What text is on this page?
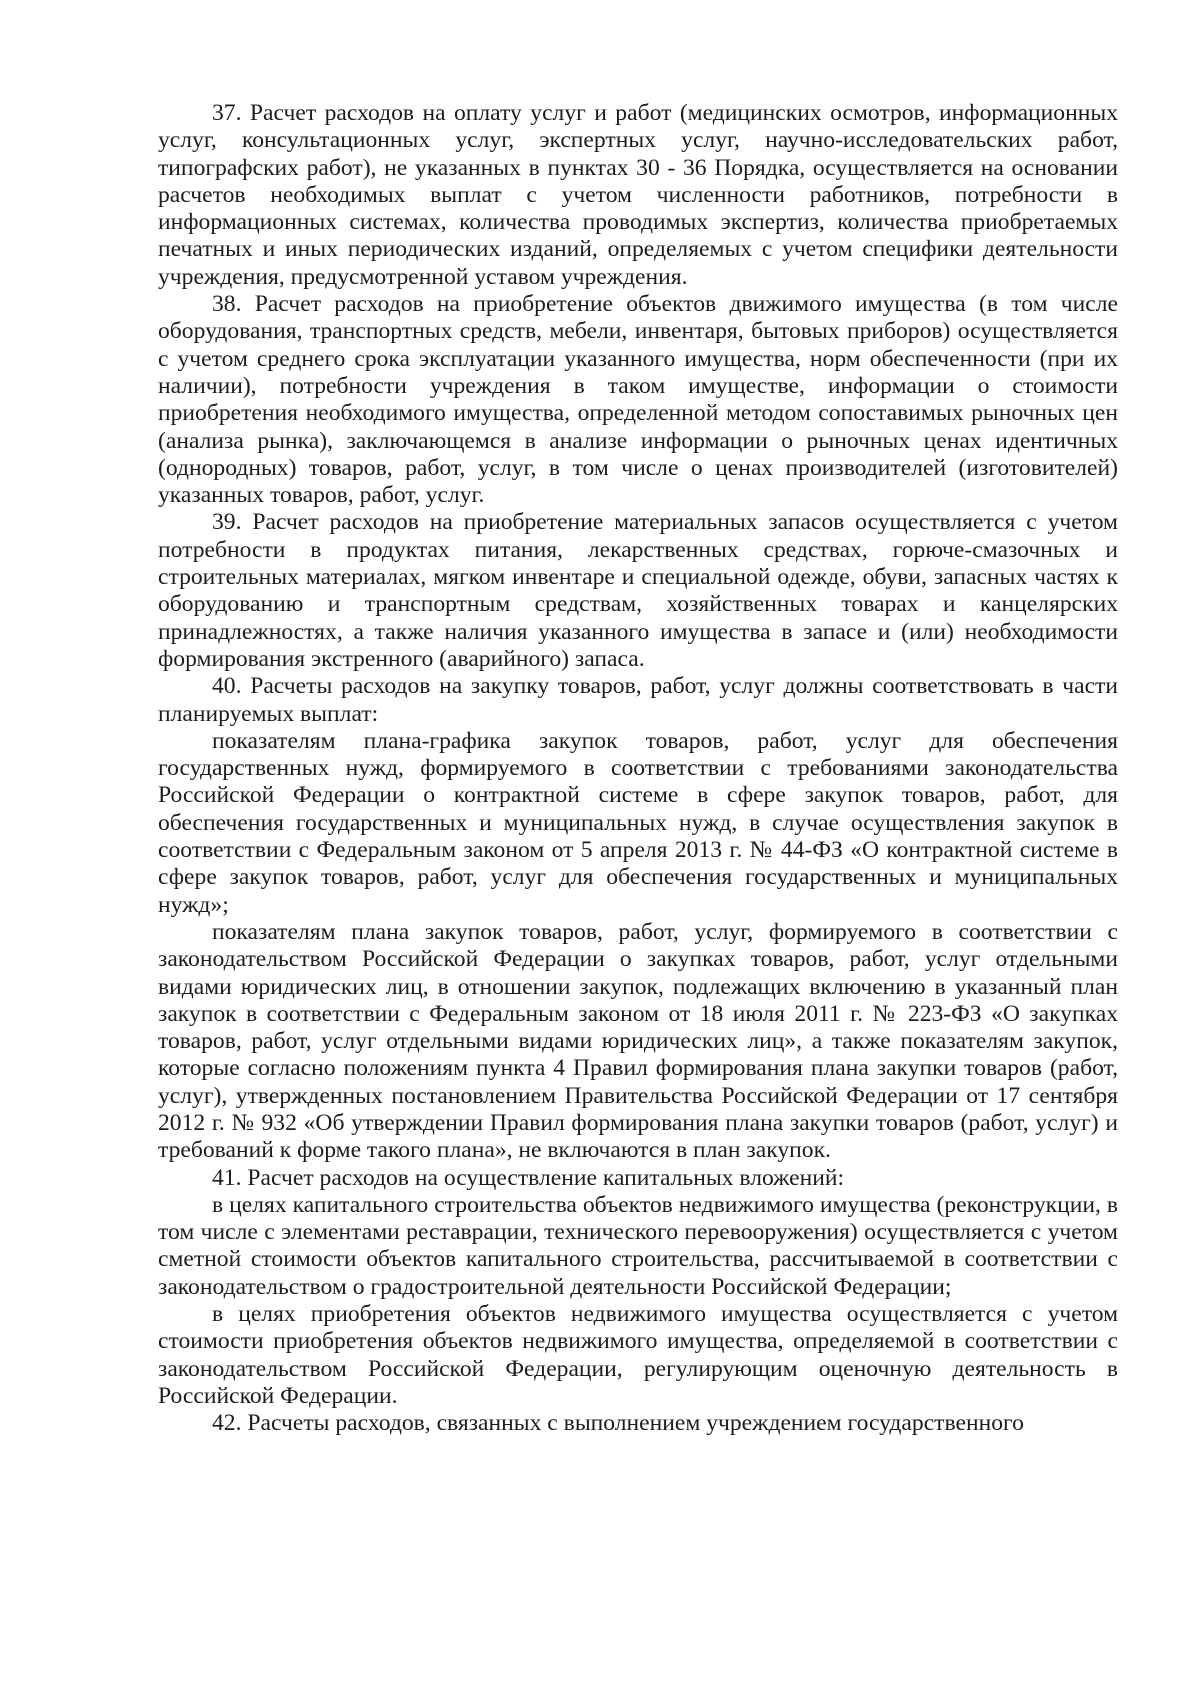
37. Расчет расходов на оплату услуг и работ (медицинских осмотров, информационных услуг, консультационных услуг, экспертных услуг, научно-исследовательских работ, типографских работ), не указанных в пунктах 30 - 36 Порядка, осуществляется на основании расчетов необходимых выплат с учетом численности работников, потребности в информационных системах, количества проводимых экспертиз, количества приобретаемых печатных и иных периодических изданий, определяемых с учетом специфики деятельности учреждения, предусмотренной уставом учреждения.

38. Расчет расходов на приобретение объектов движимого имущества (в том числе оборудования, транспортных средств, мебели, инвентаря, бытовых приборов) осуществляется с учетом среднего срока эксплуатации указанного имущества, норм обеспеченности (при их наличии), потребности учреждения в таком имуществе, информации о стоимости приобретения необходимого имущества, определенной методом сопоставимых рыночных цен (анализа рынка), заключающемся в анализе информации о рыночных ценах идентичных (однородных) товаров, работ, услуг, в том числе о ценах производителей (изготовителей) указанных товаров, работ, услуг.

39. Расчет расходов на приобретение материальных запасов осуществляется с учетом потребности в продуктах питания, лекарственных средствах, горюче-смазочных и строительных материалах, мягком инвентаре и специальной одежде, обуви, запасных частях к оборудованию и транспортным средствам, хозяйственных товарах и канцелярских принадлежностях, а также наличия указанного имущества в запасе и (или) необходимости формирования экстренного (аварийного) запаса.

40. Расчеты расходов на закупку товаров, работ, услуг должны соответствовать в части планируемых выплат:

показателям плана-графика закупок товаров, работ, услуг для обеспечения государственных нужд, формируемого в соответствии с требованиями законодательства Российской Федерации о контрактной системе в сфере закупок товаров, работ, для обеспечения государственных и муниципальных нужд, в случае осуществления закупок в соответствии с Федеральным законом от 5 апреля 2013 г. № 44-ФЗ «О контрактной системе в сфере закупок товаров, работ, услуг для обеспечения государственных и муниципальных нужд»;

показателям плана закупок товаров, работ, услуг, формируемого в соответствии с законодательством Российской Федерации о закупках товаров, работ, услуг отдельными видами юридических лиц, в отношении закупок, подлежащих включению в указанный план закупок в соответствии с Федеральным законом от 18 июля 2011 г. № 223-ФЗ «О закупках товаров, работ, услуг отдельными видами юридических лиц», а также показателям закупок, которые согласно положениям пункта 4 Правил формирования плана закупки товаров (работ, услуг), утвержденных постановлением Правительства Российской Федерации от 17 сентября 2012 г. № 932 «Об утверждении Правил формирования плана закупки товаров (работ, услуг) и требований к форме такого плана», не включаются в план закупок.

41. Расчет расходов на осуществление капитальных вложений:

в целях капитального строительства объектов недвижимого имущества (реконструкции, в том числе с элементами реставрации, технического перевооружения) осуществляется с учетом сметной стоимости объектов капитального строительства, рассчитываемой в соответствии с законодательством о градостроительной деятельности Российской Федерации;

в целях приобретения объектов недвижимого имущества осуществляется с учетом стоимости приобретения объектов недвижимого имущества, определяемой в соответствии с законодательством Российской Федерации, регулирующим оценочную деятельность в Российской Федерации.

42. Расчеты расходов, связанных с выполнением учреждением государственного
